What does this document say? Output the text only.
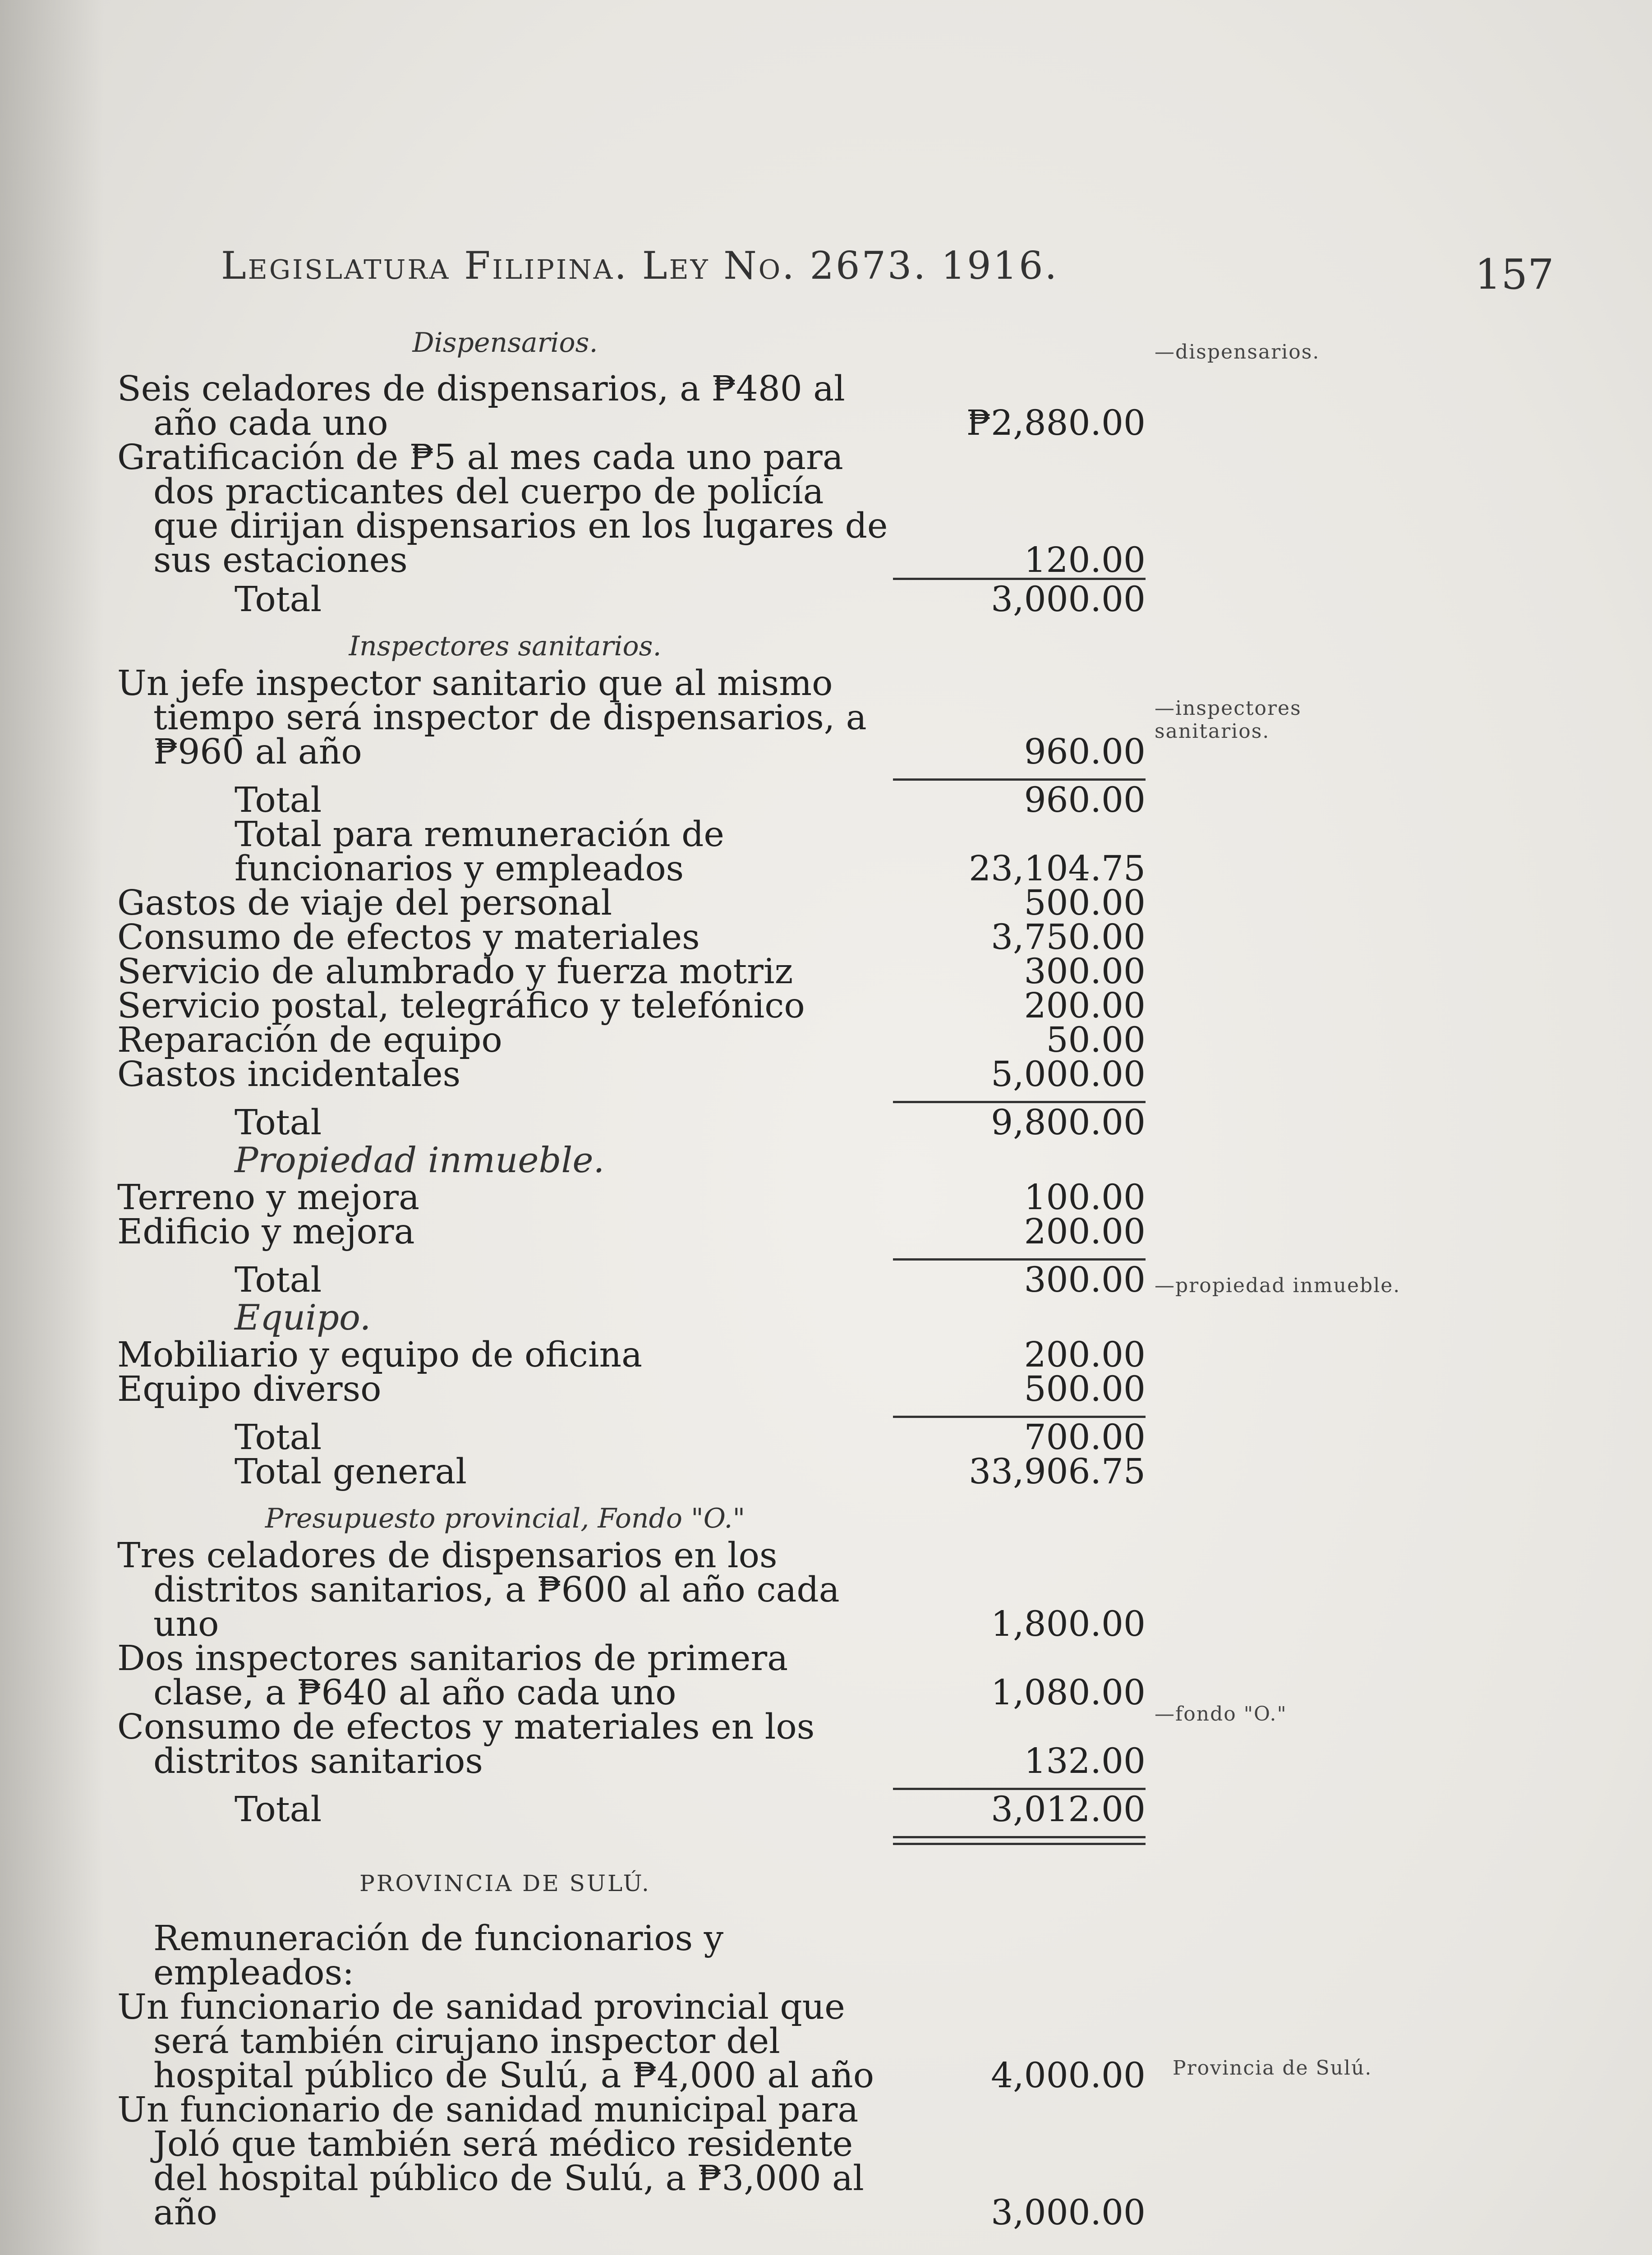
Legislatura Filipina. Ley No. 2673. 1916.	157
—dispensarios.
—inspectores sanitarios.
—propiedad inmueble.
—fondo "O."
Provincia de Sulú.
Dispensarios.
Seis celadores de dispensarios, a ₱480 al año cada uno	₱2,880.00
Gratificación de ₱5 al mes cada uno para dos practicantes del cuerpo de policía que dirijan dispensarios en los lugares de sus estaciones	120.00
Total	3,000.00
Inspectores sanitarios.
Un jefe inspector sanitario que al mismo tiempo será inspector de dispensarios, a ₱960 al año	960.00
Total	960.00
Total para remuneración de funcionarios y empleados	23,104.75
Gastos de viaje del personal	500.00
Consumo de efectos y materiales	3,750.00
Servicio de alumbrado y fuerza motriz	300.00
Servicio postal, telegráfico y telefónico	200.00
Reparación de equipo	50.00
Gastos incidentales	5,000.00
Total	9,800.00
Propiedad inmueble.
Terreno y mejora	100.00
Edificio y mejora	200.00
Total	300.00
Equipo.
Mobiliario y equipo de oficina	200.00
Equipo diverso	500.00
Total	700.00
Total general	33,906.75
Presupuesto provincial, Fondo "O."
Tres celadores de dispensarios en los distritos sanitarios, a ₱600 al año cada uno	1,800.00
Dos inspectores sanitarios de primera clase, a ₱640 al año cada uno	1,080.00
Consumo de efectos y materiales en los distritos sanitarios	132.00
Total	3,012.00
PROVINCIA DE SULÚ.
Remuneración de funcionarios y empleados:
Un funcionario de sanidad provincial que será también cirujano inspector del hospital público de Sulú, a ₱4,000 al año	4,000.00
Un funcionario de sanidad municipal para Joló que también será médico residente del hospital público de Sulú, a ₱3,000 al año	3,000.00
